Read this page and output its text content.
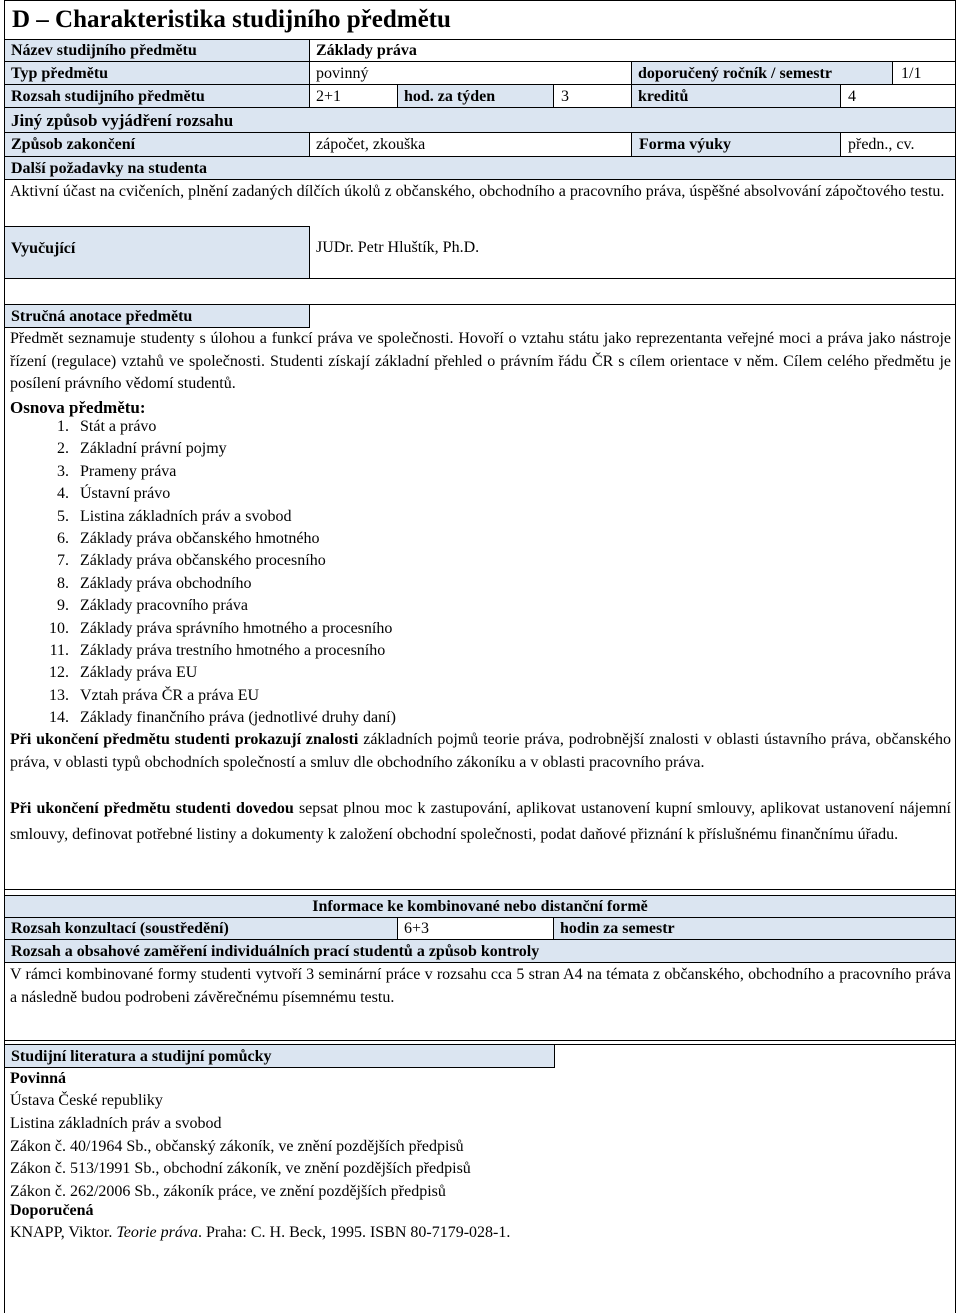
D – Charakteristika studijního předmětu
Název studijního předmětu	Základy práva
Typ předmětu	povinný	doporučený ročník / semestr	1/1
Rozsah studijního předmětu	2+1	hod. za týden	3	kreditů	4
Jiný způsob vyjádření rozsahu
Způsob zakončení	zápočet, zkouška	Forma výuky	předn., cv.
Další požadavky na studenta
Aktivní účast na cvičeních, plnění zadaných dílčích úkolů z občanského, obchodního a pracovního práva, úspěšné absolvování zápočtového testu.
Vyučující	JUDr. Petr Hluštík, Ph.D.
Stručná anotace předmětu
Předmět seznamuje studenty s úlohou a funkcí práva ve společnosti. Hovoří o vztahu státu jako reprezentanta veřejné moci a práva jako nástroje řízení (regulace) vztahů ve společnosti. Studenti získají základní přehled o právním řádu ČR s cílem orientace v něm. Cílem celého předmětu je posílení právního vědomí studentů.
Osnova předmětu:
1. Stát a právo
2. Základní právní pojmy
3. Prameny práva
4. Ústavní právo
5. Listina základních práv a svobod
6. Základy práva občanského hmotného
7. Základy práva občanského procesního
8. Základy práva obchodního
9. Základy pracovního práva
10. Základy práva správního hmotného a procesního
11. Základy práva trestního hmotného a procesního
12. Základy práva EU
13. Vztah práva ČR a práva EU
14. Základy finančního práva (jednotlivé druhy daní)
Při ukončení předmětu studenti prokazují znalosti základních pojmů teorie práva, podrobnější znalosti v oblasti ústavního práva, občanského práva, v oblasti typů obchodních společností a smluv dle obchodního zákoníku a v oblasti pracovního práva.
Při ukončení předmětu studenti dovedou sepsat plnou moc k zastupování, aplikovat ustanovení kupní smlouvy, aplikovat ustanovení nájemní smlouvy, definovat potřebné listiny a dokumenty k založení obchodní společnosti, podat daňové přiznání k příslušnému finančnímu úřadu.
Informace ke kombinované nebo distanční formě
Rozsah konzultací (soustředění)	6+3	hodin za semestr
Rozsah a obsahové zaměření individuálních prací studentů a způsob kontroly
V rámci kombinované formy studenti vytvoří 3 seminární práce v rozsahu cca 5 stran A4 na témata z občanského, obchodního a pracovního práva a následně budou podrobeni závěrečnému písemnému testu.
Studijní literatura a studijní pomůcky
Povinná
Ústava České republiky
Listina základních práv a svobod
Zákon č. 40/1964 Sb., občanský zákoník, ve znění pozdějších předpisů
Zákon č. 513/1991 Sb., obchodní zákoník, ve znění pozdějších předpisů
Zákon č. 262/2006 Sb., zákoník práce, ve znění pozdějších předpisů
Doporučená
KNAPP, Viktor. Teorie práva. Praha: C. H. Beck, 1995. ISBN 80-7179-028-1.
